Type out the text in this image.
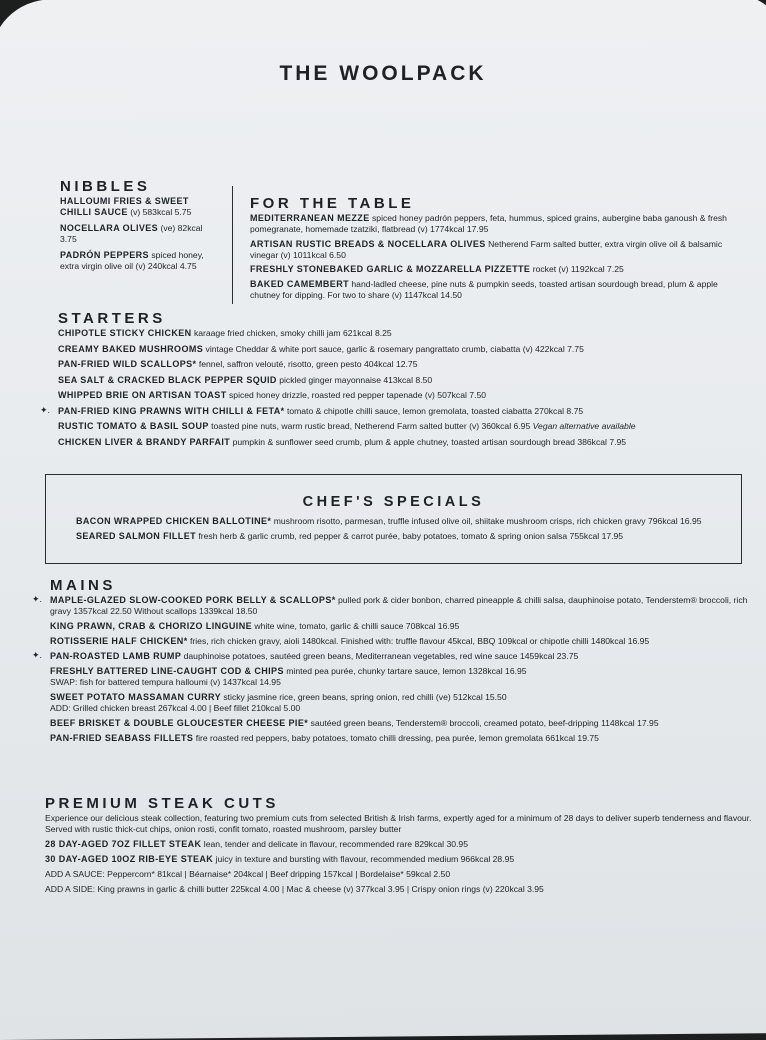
THE WOOLPACK
NIBBLES
HALLOUMI FRIES & SWEET CHILLI SAUCE (v) 583kcal 5.75
NOCELLARA OLIVES (ve) 82kcal 3.75
PADRÓN PEPPERS spiced honey, extra virgin olive oil (v) 240kcal 4.75
FOR THE TABLE
MEDITERRANEAN MEZZE spiced honey padrón peppers, feta, hummus, spiced grains, aubergine baba ganoush & fresh pomegranate, homemade tzatziki, flatbread (v) 1774kcal 17.95
ARTISAN RUSTIC BREADS & NOCELLARA OLIVES Netherend Farm salted butter, extra virgin olive oil & balsamic vinegar (v) 1011kcal 6.50
FRESHLY STONEBAKED GARLIC & MOZZARELLA PIZZETTE rocket (v) 1192kcal 7.25
BAKED CAMEMBERT hand-ladled cheese, pine nuts & pumpkin seeds, toasted artisan sourdough bread, plum & apple chutney for dipping. For two to share (v) 1147kcal 14.50
STARTERS
CHIPOTLE STICKY CHICKEN karaage fried chicken, smoky chilli jam 621kcal 8.25
CREAMY BAKED MUSHROOMS vintage Cheddar & white port sauce, garlic & rosemary pangrattato crumb, ciabatta (v) 422kcal 7.75
PAN-FRIED WILD SCALLOPS* fennel, saffron velouté, risotto, green pesto 404kcal 12.75
SEA SALT & CRACKED BLACK PEPPER SQUID pickled ginger mayonnaise 413kcal 8.50
WHIPPED BRIE ON ARTISAN TOAST spiced honey drizzle, roasted red pepper tapenade (v) 507kcal 7.50
✦. PAN-FRIED KING PRAWNS WITH CHILLI & FETA* tomato & chipotle chilli sauce, lemon gremolata, toasted ciabatta 270kcal 8.75
RUSTIC TOMATO & BASIL SOUP toasted pine nuts, warm rustic bread, Netherend Farm salted butter (v) 360kcal 6.95 Vegan alternative available
CHICKEN LIVER & BRANDY PARFAIT pumpkin & sunflower seed crumb, plum & apple chutney, toasted artisan sourdough bread 386kcal 7.95
CHEF'S SPECIALS
BACON WRAPPED CHICKEN BALLOTINE* mushroom risotto, parmesan, truffle infused olive oil, shiitake mushroom crisps, rich chicken gravy 796kcal 16.95
SEARED SALMON FILLET fresh herb & garlic crumb, red pepper & carrot purée, baby potatoes, tomato & spring onion salsa 755kcal 17.95
MAINS
✦. MAPLE-GLAZED SLOW-COOKED PORK BELLY & SCALLOPS* pulled pork & cider bonbon, charred pineapple & chilli salsa, dauphinoise potato, Tenderstem® broccoli, rich gravy 1357kcal 22.50 Without scallops 1339kcal 18.50
KING PRAWN, CRAB & CHORIZO LINGUINE white wine, tomato, garlic & chilli sauce 708kcal 16.95
ROTISSERIE HALF CHICKEN* fries, rich chicken gravy, aioli 1480kcal. Finished with: truffle flavour 45kcal, BBQ 109kcal or chipotle chilli 1480kcal 16.95
✦. PAN-ROASTED LAMB RUMP dauphinoise potatoes, sautéed green beans, Mediterranean vegetables, red wine sauce 1459kcal 23.75
FRESHLY BATTERED LINE-CAUGHT COD & CHIPS minted pea purée, chunky tartare sauce, lemon 1328kcal 16.95
SWAP: fish for battered tempura halloumi (v) 1437kcal 14.95
SWEET POTATO MASSAMAN CURRY sticky jasmine rice, green beans, spring onion, red chilli (ve) 512kcal 15.50
ADD: Grilled chicken breast 267kcal 4.00 | Beef fillet 210kcal 5.00
BEEF BRISKET & DOUBLE GLOUCESTER CHEESE PIE* sautéed green beans, Tenderstem® broccoli, creamed potato, beef-dripping 1148kcal 17.95
PAN-FRIED SEABASS FILLETS fire roasted red peppers, baby potatoes, tomato chilli dressing, pea purée, lemon gremolata 661kcal 19.75
PREMIUM STEAK CUTS
Experience our delicious steak collection, featuring two premium cuts from selected British & Irish farms, expertly aged for a minimum of 28 days to deliver superb tenderness and flavour. Served with rustic thick-cut chips, onion rosti, confit tomato, roasted mushroom, parsley butter
28 DAY-AGED 7OZ FILLET STEAK lean, tender and delicate in flavour, recommended rare 829kcal 30.95
30 DAY-AGED 10OZ RIB-EYE STEAK juicy in texture and bursting with flavour, recommended medium 966kcal 28.95
ADD A SAUCE: Peppercorn* 81kcal | Béarnaise* 204kcal | Beef dripping 157kcal | Bordelaise* 59kcal 2.50
ADD A SIDE: King prawns in garlic & chilli butter 225kcal 4.00 | Mac & cheese (v) 377kcal 3.95 | Crispy onion rings (v) 220kcal 3.95
